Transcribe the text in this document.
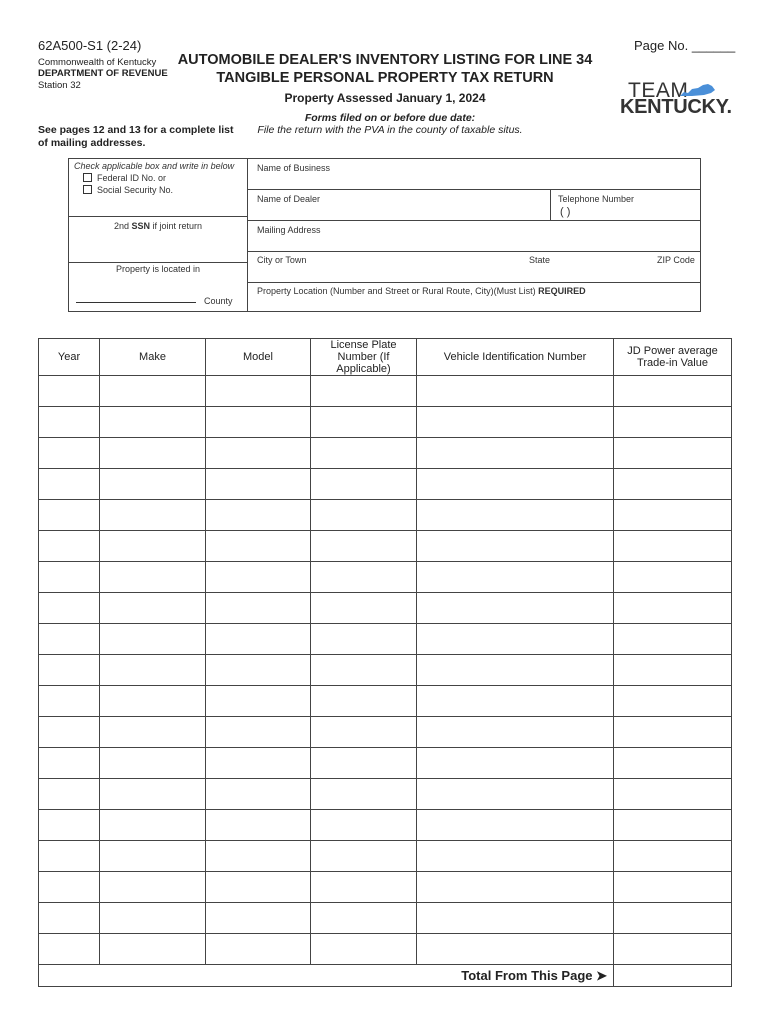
62A500-S1 (2-24)
Commonwealth of Kentucky
DEPARTMENT OF REVENUE
Station 32
AUTOMOBILE DEALER'S INVENTORY LISTING FOR LINE 34
TANGIBLE PERSONAL PROPERTY TAX RETURN
Property Assessed January 1, 2024
Page No. ______
TEAM
KENTUCKY.
Forms filed on or before due date:
File the return with the PVA in the county of taxable situs.
See pages 12 and 13 for a complete list of mailing addresses.
Check applicable box and write in below
Federal ID No. or
Social Security No.
2nd SSN if joint return
Property is located in
County
Name of Business
Name of Dealer	Telephone Number
( )
Mailing Address
City or Town	State	ZIP Code
Property Location (Number and Street or Rural Route, City)(Must List) REQUIRED
Year	Make	Model	License Plate Number (If Applicable)	Vehicle Identification Number	JD Power average Trade-in Value

Total From This Page ➤					
